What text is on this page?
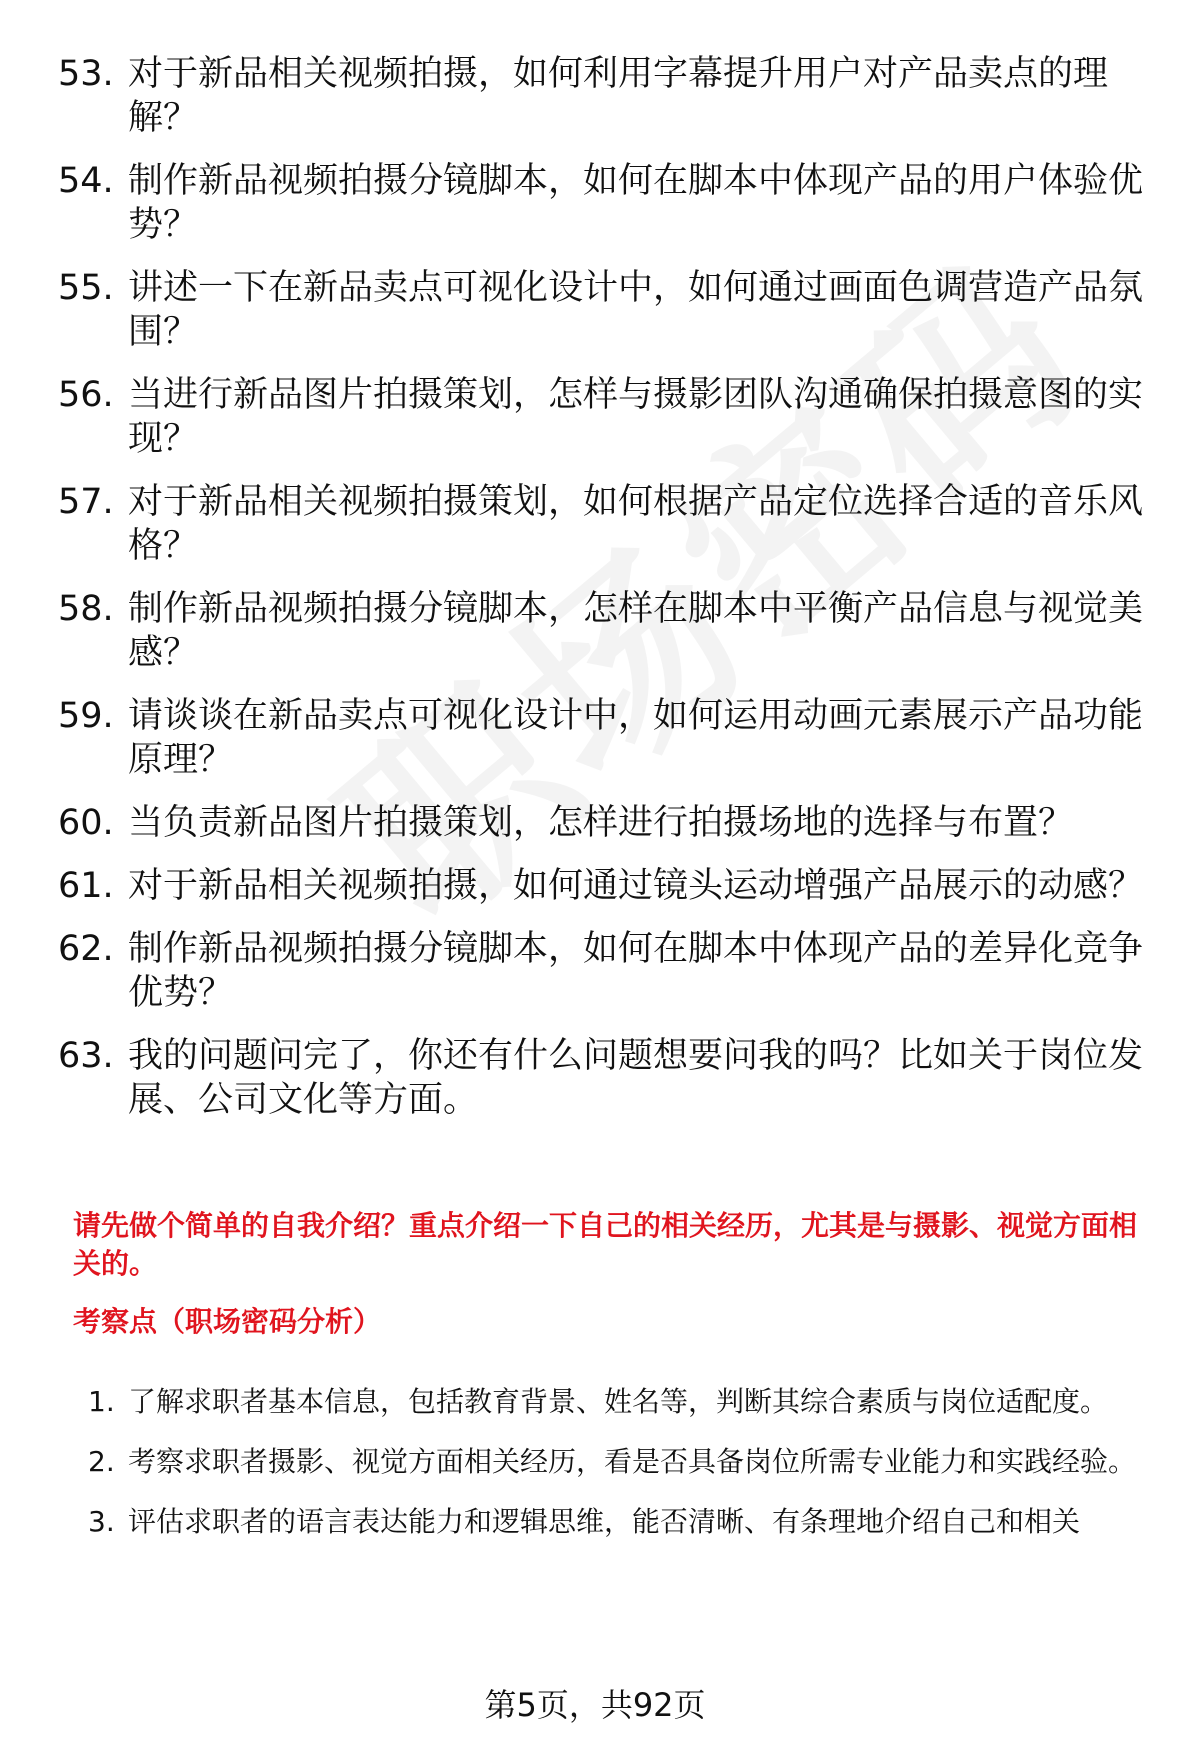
53. 对于新品相关视频拍摄，如何利用字幕提升用户对产品卖点的理解？
54. 制作新品视频拍摄分镜脚本，如何在脚本中体现产品的用户体验优势？
55. 讲述一下在新品卖点可视化设计中，如何通过画面色调营造产品氛围？
56. 当进行新品图片拍摄策划，怎样与摄影团队沟通确保拍摄意图的实现？
57. 对于新品相关视频拍摄策划，如何根据产品定位选择合适的音乐风格？
58. 制作新品视频拍摄分镜脚本，怎样在脚本中平衡产品信息与视觉美感？
59. 请谈谈在新品卖点可视化设计中，如何运用动画元素展示产品功能原理？
60. 当负责新品图片拍摄策划，怎样进行拍摄场地的选择与布置？
61. 对于新品相关视频拍摄，如何通过镜头运动增强产品展示的动感？
62. 制作新品视频拍摄分镜脚本，如何在脚本中体现产品的差异化竞争优势？
63. 我的问题问完了，你还有什么问题想要问我的吗？比如关于岗位发展、公司文化等方面。
请先做个简单的自我介绍？重点介绍一下自己的相关经历，尤其是与摄影、视觉方面相关的。
考察点（职场密码分析）
1. 了解求职者基本信息，包括教育背景、姓名等，判断其综合素质与岗位适配度。
2. 考察求职者摄影、视觉方面相关经历，看是否具备岗位所需专业能力和实践经验。
3. 评估求职者的语言表达能力和逻辑思维，能否清晰、有条理地介绍自己和相关
第5页，共92页
